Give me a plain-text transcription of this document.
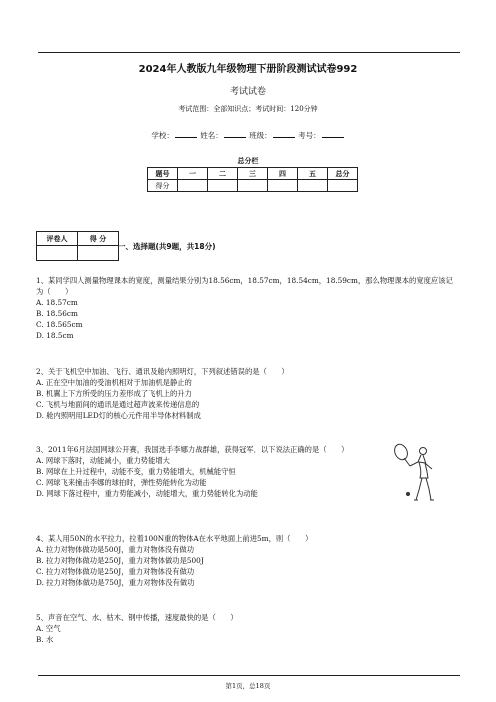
2024年人教版九年级物理下册阶段测试试卷992
考试试卷
考试范围：全部知识点；考试时间：120分钟
学校：	姓名：	班级：	考号：
总分栏
题号	一	二	三	四	五	总分
得分						
评卷人	得 分

一、选择题(共9题，共18分)
1、某同学四人测量物理课本的宽度，测量结果分别为18.56cm，18.57cm，18.54cm，18.59cm，那么物理课本的宽度应该记为（　　）
A. 18.57cm
B. 18.56cm
C. 18.565cm
D. 18.5cm
2、关于飞机空中加油、飞行、通讯及舱内照明灯，下列叙述错误的是（　　）
A. 正在空中加油的受油机相对于加油机是静止的
B. 机翼上下方所受的压力差形成了飞机上的升力
C. 飞机与地面间的通讯是通过超声波来传递信息的
D. 舱内照明用LED灯的核心元件用半导体材料制成
3、2011年6月法国网球公开赛，我国选手李娜力战群雄，获得冠军．以下说法正确的是（　　）
A. 网球下落时，动能减小，重力势能增大
B. 网球在上升过程中，动能不变，重力势能增大，机械能守恒
C. 网球飞来撞击李娜的球拍时，弹性势能转化为动能
D. 网球下落过程中，重力势能减小，动能增大，重力势能转化为动能
4、某人用50N的水平拉力，拉着100N重的物体A在水平地面上前进5m，则（　　）
A. 拉力对物体做功是500J，重力对物体没有做功
B. 拉力对物体做功是250J，重力对物体做功是500J
C. 拉力对物体做功是250J，重力对物体没有做功
D. 拉力对物体做功是750J，重力对物体没有做功
5、声音在空气、水、枯木、钢中传播，速度最快的是（　　）
A. 空气
B. 水
第1页，总18页
